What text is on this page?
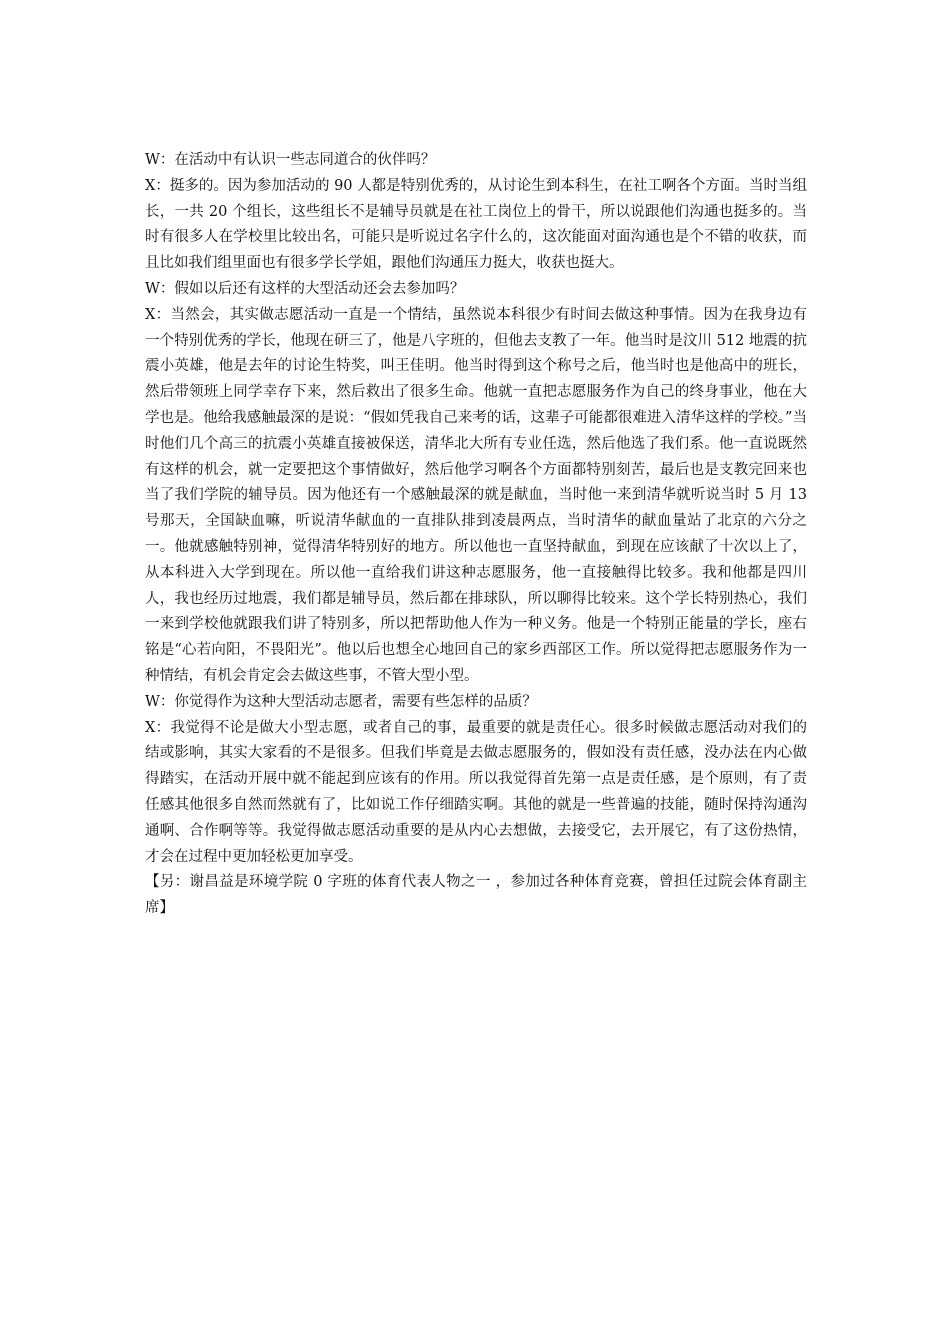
W：在活动中有认识一些志同道合的伙伴吗？

X：挺多的。因为参加活动的 90 人都是特别优秀的，从讨论生到本科生，在社工啊各个方面。当时当组长，一共 20 个组长，这些组长不是辅导员就是在社工岗位上的骨干，所以说跟他们沟通也挺多的。当时有很多人在学校里比较出名，可能只是听说过名字什么的，这次能面对面沟通也是个不错的收获，而且比如我们组里面也有很多学长学姐，跟他们沟通压力挺大，收获也挺大。

W：假如以后还有这样的大型活动还会去参加吗？

X：当然会，其实做志愿活动一直是一个情结，虽然说本科很少有时间去做这种事情。因为在我身边有一个特别优秀的学长，他现在研三了，他是八字班的，但他去支教了一年。他当时是汶川 512 地震的抗震小英雄，他是去年的讨论生特奖，叫王佳明。他当时得到这个称号之后，他当时也是他高中的班长，然后带领班上同学幸存下来，然后救出了很多生命。他就一直把志愿服务作为自己的终身事业，他在大学也是。他给我感触最深的是说：“假如凭我自己来考的话，这辈子可能都很难进入清华这样的学校。”当时他们几个高三的抗震小英雄直接被保送，清华北大所有专业任选，然后他选了我们系。他一直说既然有这样的机会，就一定要把这个事情做好，然后他学习啊各个方面都特别刻苦，最后也是支教完回来也当了我们学院的辅导员。因为他还有一个感触最深的就是献血，当时他一来到清华就听说当时 5 月 13 号那天，全国缺血嘛，听说清华献血的一直排队排到凌晨两点，当时清华的献血量站了北京的六分之一。他就感触特别神，觉得清华特别好的地方。所以他也一直坚持献血，到现在应该献了十次以上了，从本科进入大学到现在。所以他一直给我们讲这种志愿服务，他一直接触得比较多。我和他都是四川人，我也经历过地震，我们都是辅导员，然后都在排球队，所以聊得比较来。这个学长特别热心，我们一来到学校他就跟我们讲了特别多，所以把帮助他人作为一种义务。他是一个特别正能量的学长，座右铭是“心若向阳，不畏阳光”。他以后也想全心地回自己的家乡西部区工作。所以觉得把志愿服务作为一种情结，有机会肯定会去做这些事，不管大型小型。

W：你觉得作为这种大型活动志愿者，需要有些怎样的品质？

X：我觉得不论是做大小型志愿，或者自己的事，最重要的就是责任心。很多时候做志愿活动对我们的结或影响，其实大家看的不是很多。但我们毕竟是去做志愿服务的，假如没有责任感，没办法在内心做得踏实，在活动开展中就不能起到应该有的作用。所以我觉得首先第一点是责任感，是个原则，有了责任感其他很多自然而然就有了，比如说工作仔细踏实啊。其他的就是一些普遍的技能，随时保持沟通沟通啊、合作啊等等。我觉得做志愿活动重要的是从内心去想做，去接受它，去开展它，有了这份热情，才会在过程中更加轻松更加享受。

【另：谢昌益是环境学院 0 字班的体育代表人物之一 ，参加过各种体育竞赛，曾担任过院会体育副主席】
